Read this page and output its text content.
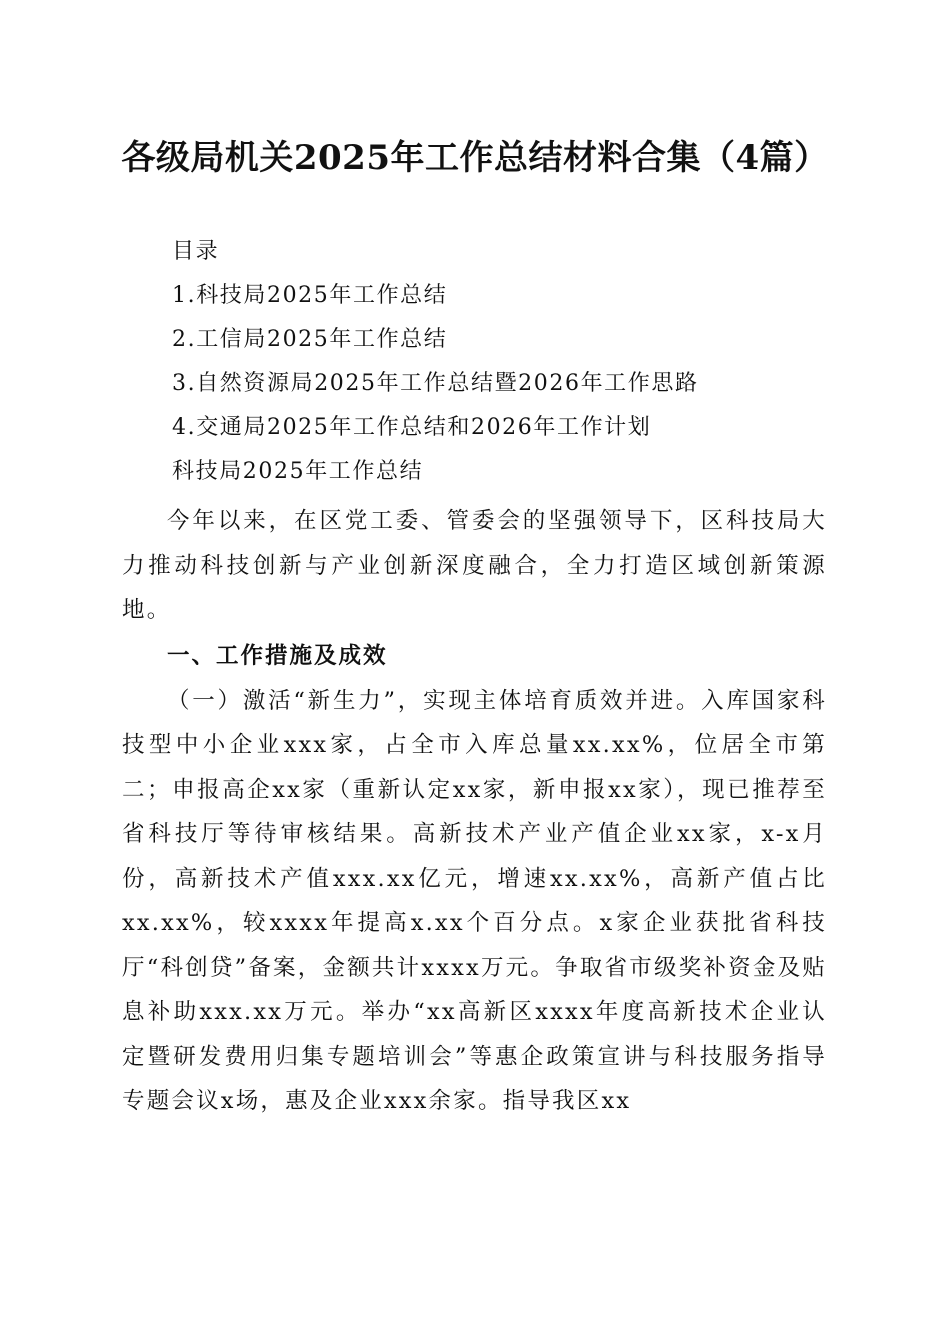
各级局机关2025年工作总结材料合集（4篇）
目录
1.科技局2025年工作总结
2.工信局2025年工作总结
3.自然资源局2025年工作总结暨2026年工作思路
4.交通局2025年工作总结和2026年工作计划
科技局2025年工作总结

今年以来，在区党工委、管委会的坚强领导下，区科技局大力推动科技创新与产业创新深度融合，全力打造区域创新策源地。

一、工作措施及成效

（一）激活“新生力”，实现主体培育质效并进。入库国家科技型中小企业xxx家，占全市入库总量xx.xx%，位居全市第二；申报高企xx家（重新认定xx家，新申报xx家），现已推荐至省科技厅等待审核结果。高新技术产业产值企业xx家，x-x月份，高新技术产值xxx.xx亿元，增速xx.xx%，高新产值占比xx.xx%，较xxxx年提高x.xx个百分点。x家企业获批省科技厅“科创贷”备案，金额共计xxxx万元。争取省市级奖补资金及贴息补助xxx.xx万元。举办“xx高新区xxxx年度高新技术企业认定暨研发费用归集专题培训会”等惠企政策宣讲与科技服务指导专题会议x场，惠及企业xxx余家。指导我区xx
